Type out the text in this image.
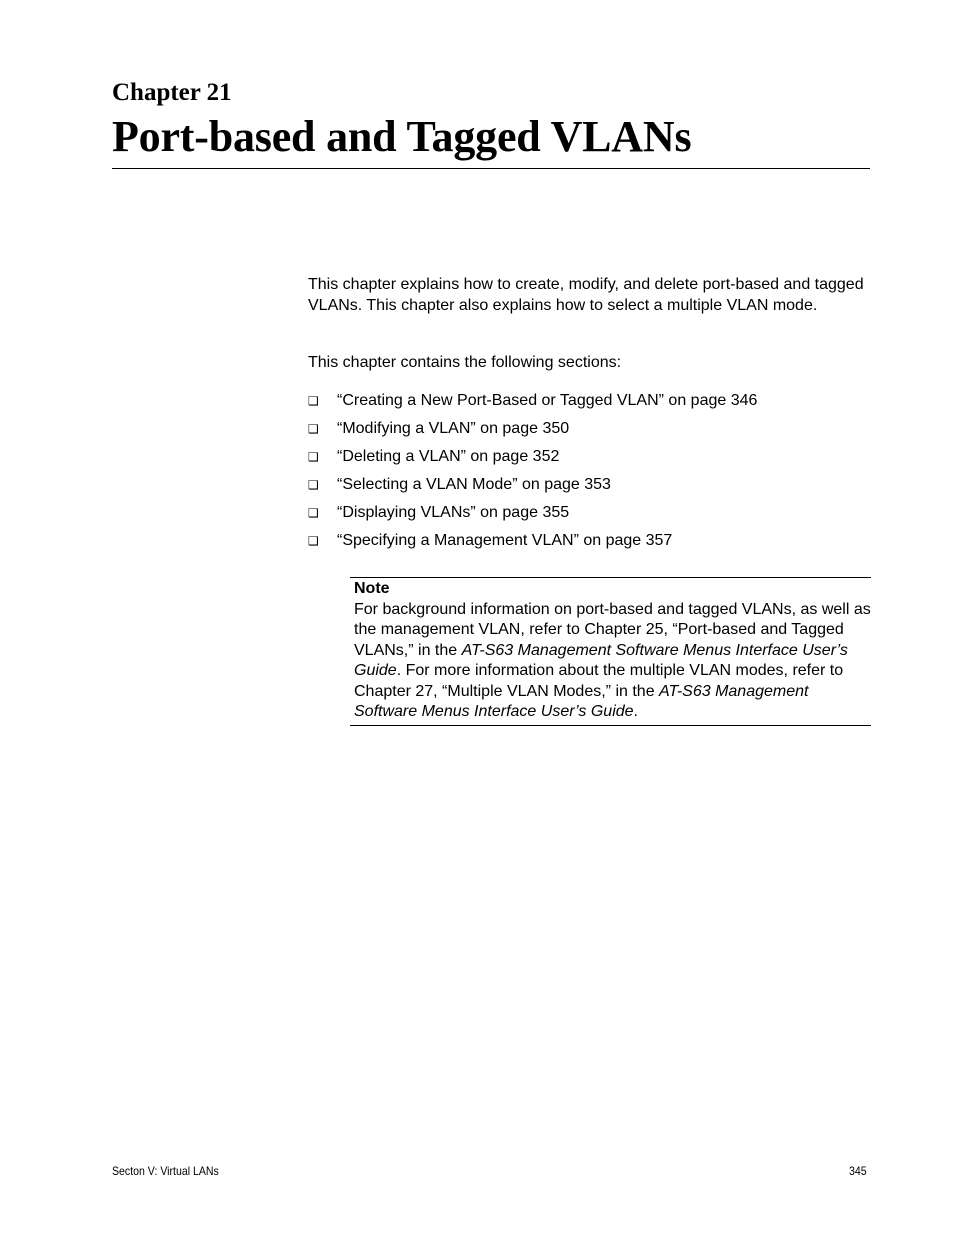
Chapter 21
Port-based and Tagged VLANs

This chapter explains how to create, modify, and delete port-based and tagged VLANs. This chapter also explains how to select a multiple VLAN mode.

This chapter contains the following sections:

❑	“Creating a New Port-Based or Tagged VLAN” on page 346
❑	“Modifying a VLAN” on page 350
❑	“Deleting a VLAN” on page 352
❑	“Selecting a VLAN Mode” on page 353
❑	“Displaying VLANs” on page 355
❑	“Specifying a Management VLAN” on page 357
Note
For background information on port-based and tagged VLANs, as well as the management VLAN, refer to Chapter 25, “Port-based and Tagged VLANs,” in the AT-S63 Management Software Menus Interface User’s Guide. For more information about the multiple VLAN modes, refer to Chapter 27, “Multiple VLAN Modes,” in the AT-S63 Management Software Menus Interface User’s Guide.
Secton V: Virtual LANs	345
